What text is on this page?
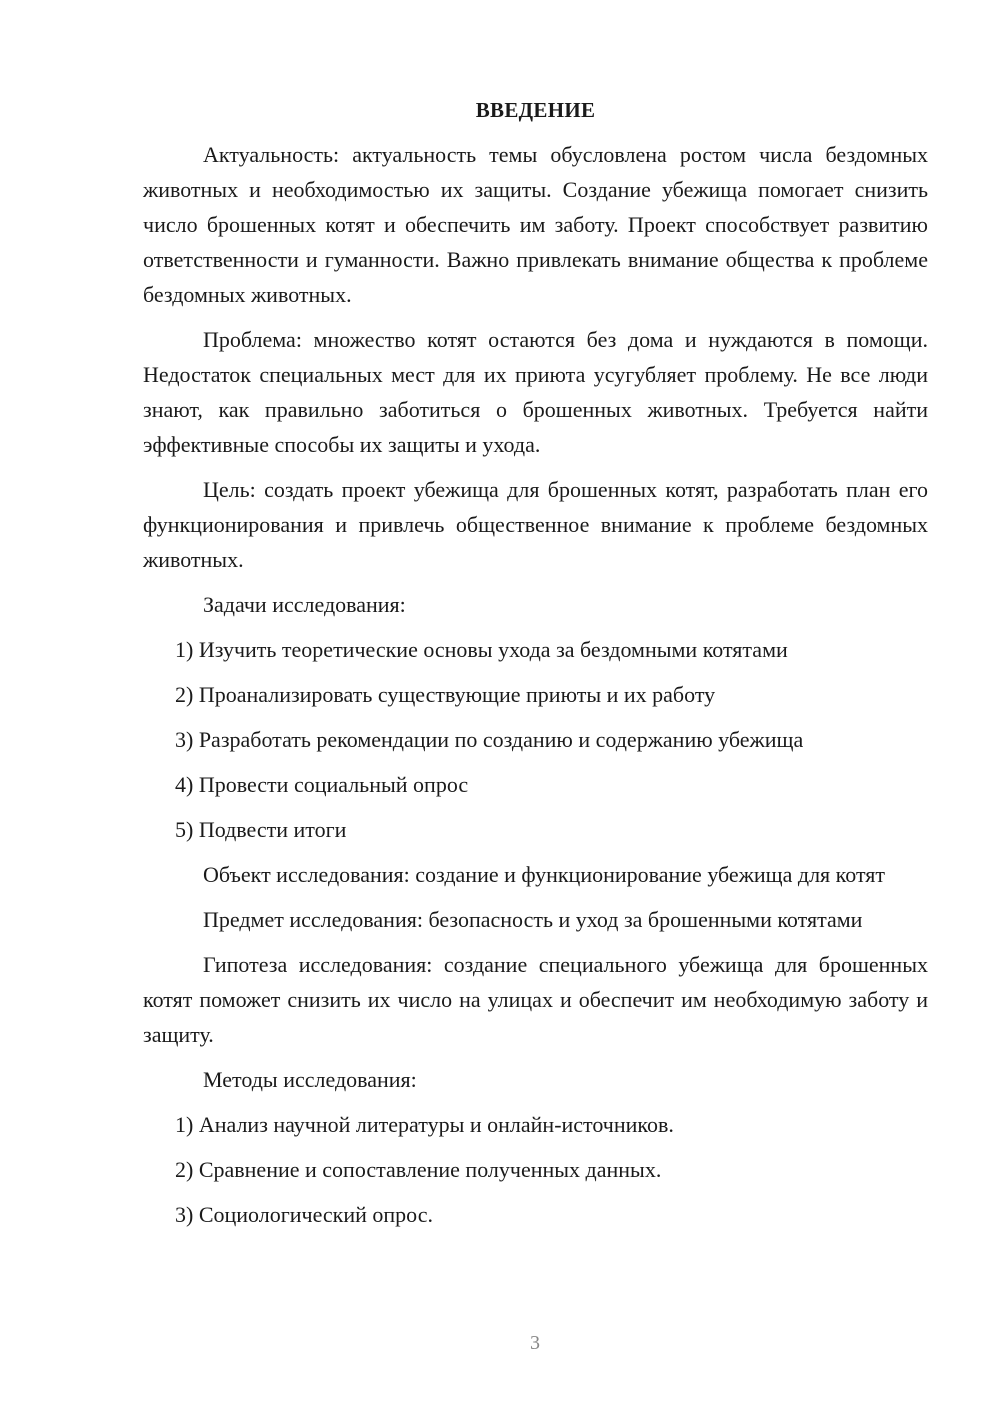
ВВЕДЕНИЕ

Актуальность: актуальность темы обусловлена ростом числа бездомных животных и необходимостью их защиты. Создание убежища помогает снизить число брошенных котят и обеспечить им заботу. Проект способствует развитию ответственности и гуманности. Важно привлекать внимание общества к проблеме бездомных животных.

Проблема: множество котят остаются без дома и нуждаются в помощи. Недостаток специальных мест для их приюта усугубляет проблему. Не все люди знают, как правильно заботиться о брошенных животных. Требуется найти эффективные способы их защиты и ухода.

Цель: создать проект убежища для брошенных котят, разработать план его функционирования и привлечь общественное внимание к проблеме бездомных животных.

Задачи исследования:

1) Изучить теоретические основы ухода за бездомными котятами
2) Проанализировать существующие приюты и их работу
3) Разработать рекомендации по созданию и содержанию убежища
4) Провести социальный опрос
5) Подвести итоги

Объект исследования: создание и функционирование убежища для котят

Предмет исследования: безопасность и уход за брошенными котятами

Гипотеза исследования: создание специального убежища для брошенных котят поможет снизить их число на улицах и обеспечит им необходимую заботу и защиту.

Методы исследования:

1) Анализ научной литературы и онлайн-источников.
2) Сравнение и сопоставление полученных данных.
3) Социологический опрос.
3
